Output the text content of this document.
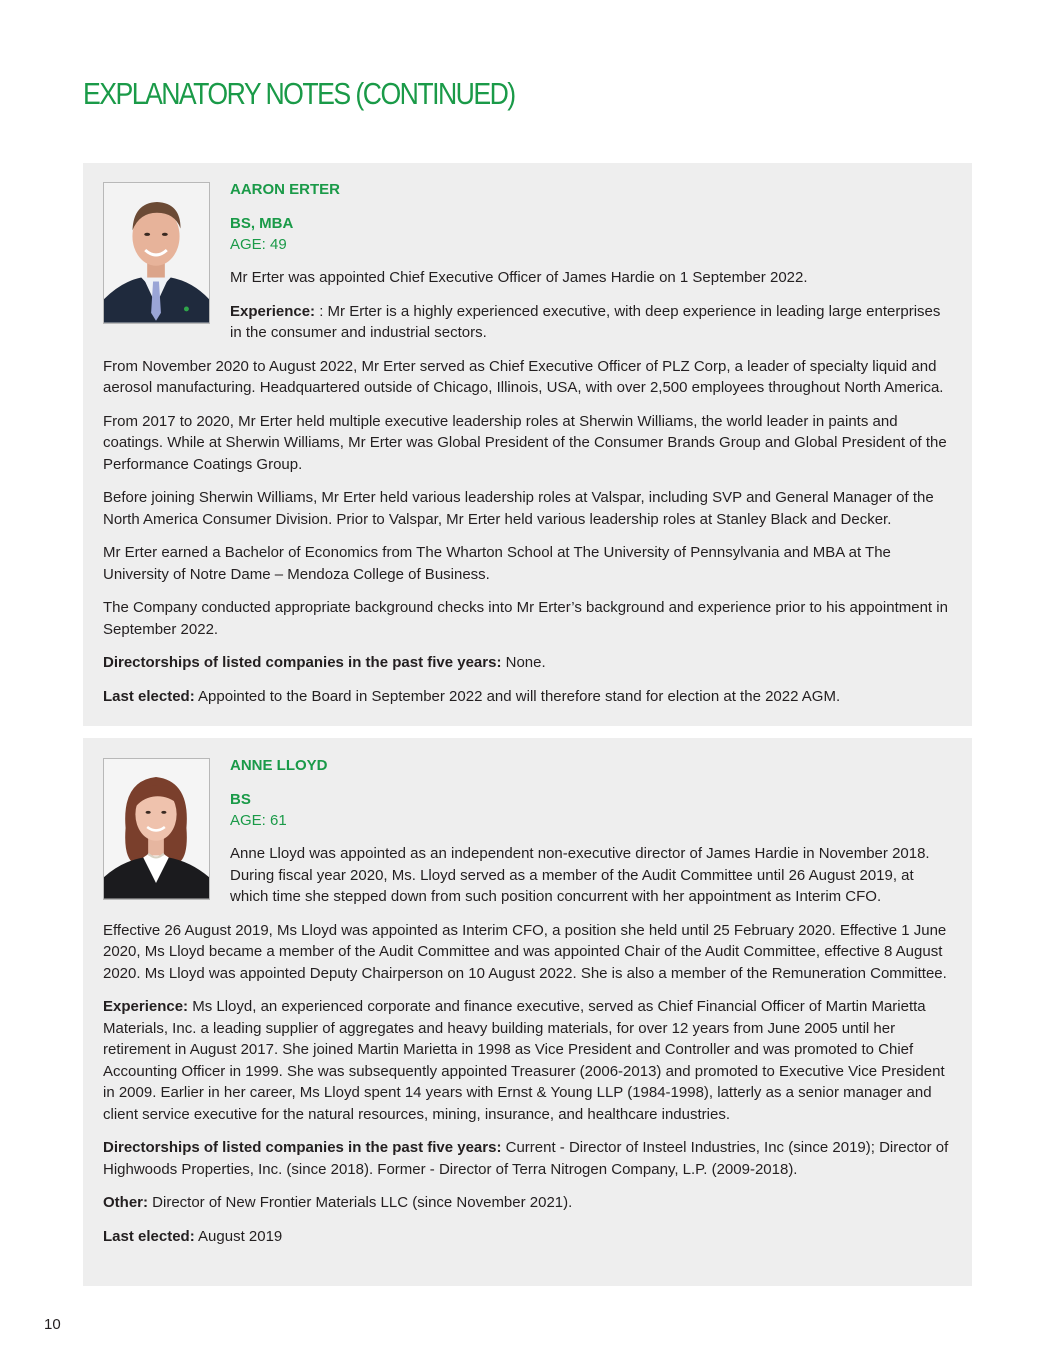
EXPLANATORY NOTES (CONTINUED)

AARON ERTER

BS, MBA

AGE: 49

Mr Erter was appointed Chief Executive Officer of James Hardie on 1 September 2022.

Experience: : Mr Erter is a highly experienced executive, with deep experience in leading large enterprises in the consumer and industrial sectors.

From November 2020 to August 2022, Mr Erter served as Chief Executive Officer of PLZ Corp, a leader of specialty liquid and aerosol manufacturing. Headquartered outside of Chicago, Illinois, USA, with over 2,500 employees throughout North America.

From 2017 to 2020, Mr Erter held multiple executive leadership roles at Sherwin Williams, the world leader in paints and coatings. While at Sherwin Williams, Mr Erter was Global President of the Consumer Brands Group and Global President of the Performance Coatings Group.

Before joining Sherwin Williams, Mr Erter held various leadership roles at Valspar, including SVP and General Manager of the North America Consumer Division. Prior to Valspar, Mr Erter held various leadership roles at Stanley Black and Decker.

Mr Erter earned a Bachelor of Economics from The Wharton School at The University of Pennsylvania and MBA at The University of Notre Dame – Mendoza College of Business.

The Company conducted appropriate background checks into Mr Erter’s background and experience prior to his appointment in September 2022.

Directorships of listed companies in the past five years: None.

Last elected: Appointed to the Board in September 2022 and will therefore stand for election at the 2022 AGM.

ANNE LLOYD

BS

AGE: 61

Anne Lloyd was appointed as an independent non-executive director of James Hardie in November 2018. During fiscal year 2020, Ms. Lloyd served as a member of the Audit Committee until 26 August 2019, at which time she stepped down from such position concurrent with her appointment as Interim CFO.

Effective 26 August 2019, Ms Lloyd was appointed as Interim CFO, a position she held until 25 February 2020. Effective 1 June 2020, Ms Lloyd became a member of the Audit Committee and was appointed Chair of the Audit Committee, effective 8 August 2020. Ms Lloyd was appointed Deputy Chairperson on 10 August 2022. She is also a member of the Remuneration Committee.

Experience: Ms Lloyd, an experienced corporate and finance executive, served as Chief Financial Officer of Martin Marietta Materials, Inc. a leading supplier of aggregates and heavy building materials, for over 12 years from June 2005 until her retirement in August 2017. She joined Martin Marietta in 1998 as Vice President and Controller and was promoted to Chief Accounting Officer in 1999. She was subsequently appointed Treasurer (2006-2013) and promoted to Executive Vice President in 2009. Earlier in her career, Ms Lloyd spent 14 years with Ernst & Young LLP (1984-1998), latterly as a senior manager and client service executive for the natural resources, mining, insurance, and healthcare industries.

Directorships of listed companies in the past five years: Current - Director of Insteel Industries, Inc (since 2019); Director of Highwoods Properties, Inc. (since 2018). Former - Director of Terra Nitrogen Company, L.P. (2009-2018).

Other: Director of New Frontier Materials LLC (since November 2021).

Last elected: August 2019

10
